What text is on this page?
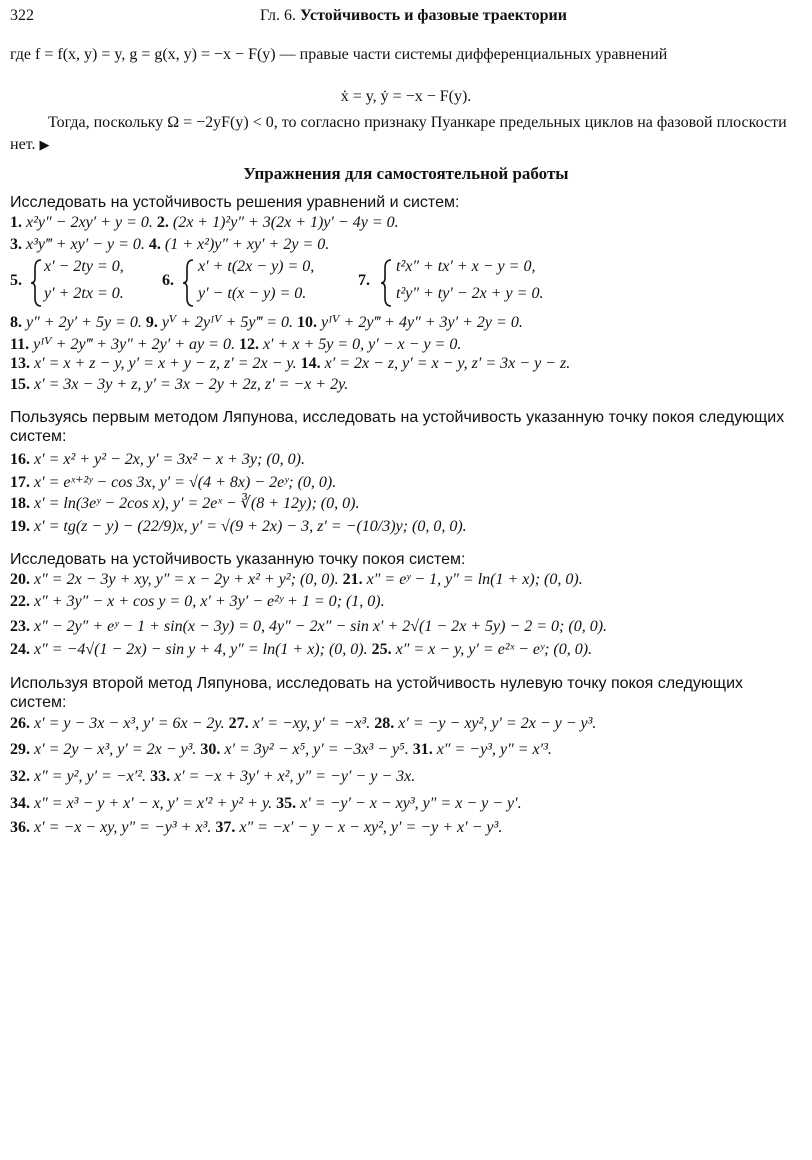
322	Гл. 6. Устойчивость и фазовые траектории

где f = f(x, y) = y, g = g(x, y) = −x − F(y) — правые части системы дифференциальных уравнений

ẋ = y, ẏ = −x − F(y).

Тогда, поскольку Ω = −2yF(y) < 0, то согласно признаку Пуанкаре предельных циклов на фазовой плоскости нет. ▶

Упражнения для самостоятельной работы

Исследовать на устойчивость решения уравнений и систем:

1. x²y″ − 2xy′ + y = 0. 2. (2x + 1)²y″ + 3(2x + 1)y′ − 4y = 0.
3. x³y‴ + xy′ − y = 0. 4. (1 + x²)y″ + xy′ + 2y = 0.
5.
x′ − 2ty = 0,
y′ + 2tx = 0.
6.
x′ + t(2x − y) = 0,
y′ − t(x − y) = 0.
7.
t²x″ + tx′ + x − y = 0,
t²y″ + ty′ − 2x + y = 0.
8. y″ + 2y′ + 5y = 0. 9. yⱽ + 2yᴵⱽ + 5y‴ = 0. 10. yᴵⱽ + 2y‴ + 4y″ + 3y′ + 2y = 0.
11. yᴵⱽ + 2y‴ + 3y″ + 2y′ + ay = 0. 12. x′ + x + 5y = 0, y′ − x − y = 0.
13. x′ = x + z − y, y′ = x + y − z, z′ = 2x − y. 14. x′ = 2x − z, y′ = x − y, z′ = 3x − y − z.
15. x′ = 3x − 3y + z, y′ = 3x − 2y + 2z, z′ = −x + 2y.

Пользуясь первым методом Ляпунова, исследовать на устойчивость указанную точку покоя следующих систем:

16. x′ = x² + y² − 2x, y′ = 3x² − x + 3y; (0, 0).
17. x′ = eˣ⁺²ʸ − cos 3x, y′ = √(4 + 8x) − 2eʸ; (0, 0).
18. x′ = ln(3eʸ − 2cos x), y′ = 2eˣ − ∛(8 + 12y); (0, 0).
19. x′ = tg(z − y) − (22/9)x, y′ = √(9 + 2x) − 3, z′ = −(10/3)y; (0, 0, 0).

Исследовать на устойчивость указанную точку покоя систем:

20. x″ = 2x − 3y + xy, y″ = x − 2y + x² + y²; (0, 0). 21. x″ = eʸ − 1, y″ = ln(1 + x); (0, 0).
22. x″ + 3y″ − x + cos y = 0, x′ + 3y′ − e²ʸ + 1 = 0; (1, 0).
23. x″ − 2y″ + eʸ − 1 + sin(x − 3y) = 0, 4y″ − 2x″ − sin x′ + 2√(1 − 2x + 5y) − 2 = 0; (0, 0).
24. x″ = −4√(1 − 2x) − sin y + 4, y″ = ln(1 + x); (0, 0). 25. x″ = x − y, y′ = e²ˣ − eʸ; (0, 0).

Используя второй метод Ляпунова, исследовать на устойчивость нулевую точку покоя следующих систем:

26. x′ = y − 3x − x³, y′ = 6x − 2y. 27. x′ = −xy, y′ = −x³. 28. x′ = −y − xy², y′ = 2x − y − y³.
29. x′ = 2y − x³, y′ = 2x − y³. 30. x′ = 3y² − x⁵, y′ = −3x³ − y⁵. 31. x″ = −y³, y″ = x′³.
32. x″ = y², y′ = −x′². 33. x′ = −x + 3y′ + x², y″ = −y′ − y − 3x.
34. x″ = x³ − y + x′ − x, y′ = x′² + y² + y. 35. x′ = −y′ − x − xy³, y″ = x − y − y′.
36. x′ = −x − xy, y″ = −y³ + x³. 37. x″ = −x′ − y − x − xy², y′ = −y + x′ − y³.
